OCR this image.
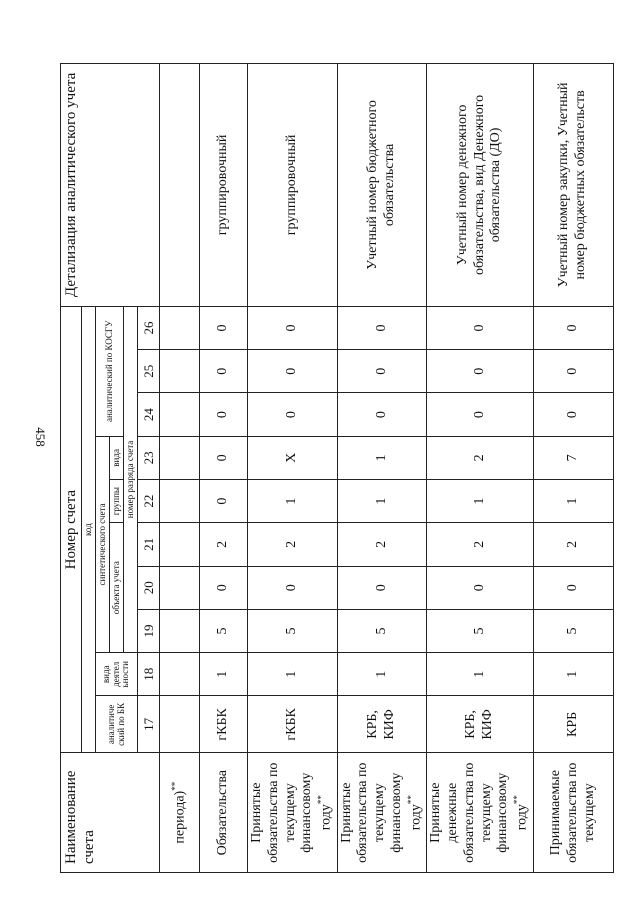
458
Наименование счета	Номер счета										Детализация аналитического учета
	код										
	аналитиче ский по БК	вида деятел ьности	синтетического счета					аналитический по КОСГУ			
			объекта учета			группы	вида				
			номер разряда счета								
	17	18	19	20	21	22	23	24	25	26	
периода)**											
Обязательства	гКБК	1	5	0	2	0	0	0	0	0	группировочный
Принятые обязательства по текущему финансовому году**	гКБК	1	5	0	2	1	X	0	0	0	группировочный
Принятые обязательства по текущему финансовому году**	КРБ, КИФ	1	5	0	2	1	1	0	0	0	Учетный номер бюджетного обязательства
Принятые денежные обязательства по текущему финансовому году**	КРБ, КИФ	1	5	0	2	1	2	0	0	0	Учетный номер денежного обязательства, вид Денежного обязательства (ДО)
Принимаемые обязательства по текущему	КРБ	1	5	0	2	1	7	0	0	0	Учетный номер закупки, Учетный номер бюджетных обязательств
